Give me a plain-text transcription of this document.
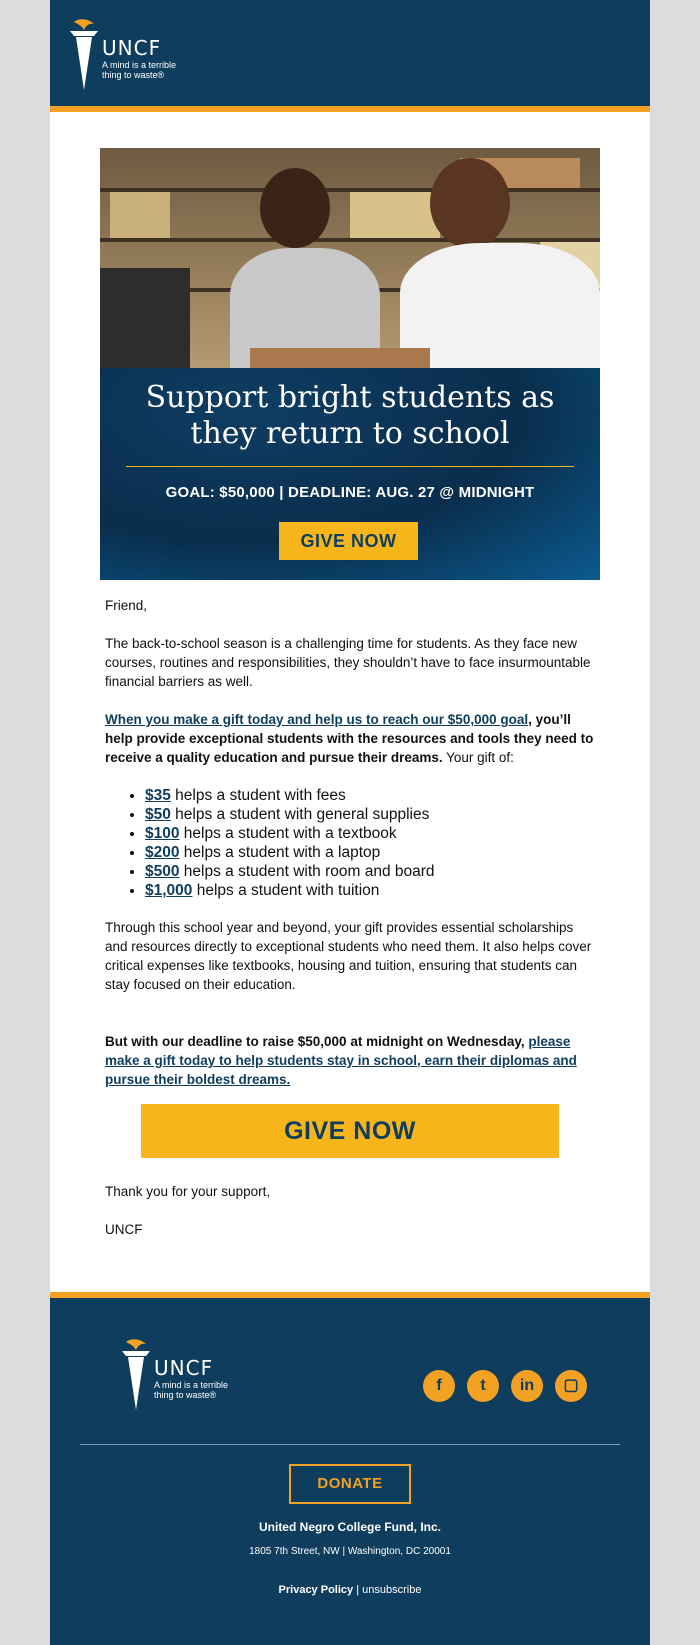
UNCF
A mind is a terrible
thing to waste®
Support bright students as
they return to school
GOAL: $50,000 | DEADLINE: AUG. 27 @ MIDNIGHT
GIVE NOW

Friend,

The back-to-school season is a challenging time for students. As they face new courses, routines and responsibilities, they shouldn’t have to face insurmountable financial barriers as well.

When you make a gift today and help us to reach our $50,000 goal, you’ll help provide exceptional students with the resources and tools they need to receive a quality education and pursue their dreams. Your gift of:

• $35 helps a student with fees
• $50 helps a student with general supplies
• $100 helps a student with a textbook
• $200 helps a student with a laptop
• $500 helps a student with room and board
• $1,000 helps a student with tuition

Through this school year and beyond, your gift provides essential scholarships and resources directly to exceptional students who need them. It also helps cover critical expenses like textbooks, housing and tuition, ensuring that students can stay focused on their education.

But with our deadline to raise $50,000 at midnight on Wednesday, please make a gift today to help students stay in school, earn their diplomas and pursue their boldest dreams.

GIVE NOW

Thank you for your support,

UNCF

UNCF
A mind is a terrible
thing to waste®
f	t	in	▢
DONATE
United Negro College Fund, Inc.
1805 7th Street, NW | Washington, DC 20001
Privacy Policy | unsubscribe
